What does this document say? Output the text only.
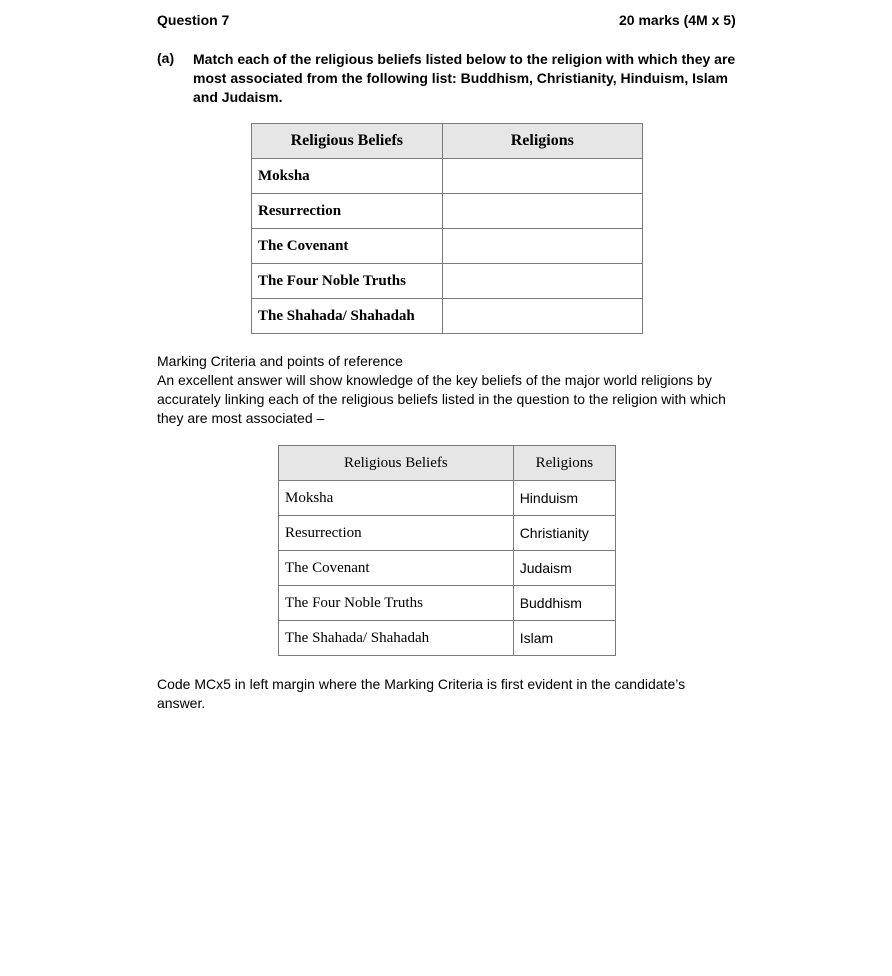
Question 7	20 marks (4M x 5)
(a) Match each of the religious beliefs listed below to the religion with which they are most associated from the following list: Buddhism, Christianity, Hinduism, Islam and Judaism.
Religious Beliefs	Religions
Moksha	
Resurrection	
The Covenant	
The Four Noble Truths	
The Shahada/ Shahadah	
Marking Criteria and points of reference
An excellent answer will show knowledge of the key beliefs of the major world religions by accurately linking each of the religious beliefs listed in the question to the religion with which they are most associated –
Religious Beliefs	Religions
Moksha	Hinduism
Resurrection	Christianity
The Covenant	Judaism
The Four Noble Truths	Buddhism
The Shahada/ Shahadah	Islam
Code MCx5 in left margin where the Marking Criteria is first evident in the candidate’s answer.
